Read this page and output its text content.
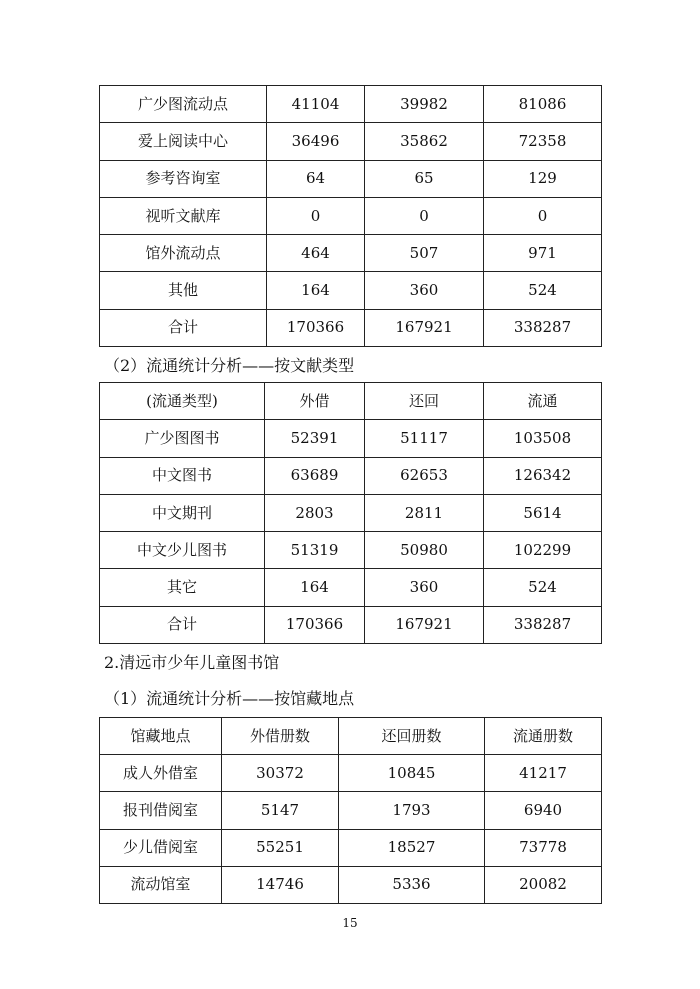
广少图流动点	41104	39982	81086
爱上阅读中心	36496	35862	72358
参考咨询室	64	65	129
视听文献库	0	0	0
馆外流动点	464	507	971
其他	164	360	524
合计	170366	167921	338287
（2）流通统计分析——按文献类型
(流通类型)	外借	还回	流通
广少图图书	52391	51117	103508
中文图书	63689	62653	126342
中文期刊	2803	2811	5614
中文少儿图书	51319	50980	102299
其它	164	360	524
合计	170366	167921	338287
2.清远市少年儿童图书馆
（1）流通统计分析——按馆藏地点
馆藏地点	外借册数	还回册数	流通册数
成人外借室	30372	10845	41217
报刊借阅室	5147	1793	6940
少儿借阅室	55251	18527	73778
流动馆室	14746	5336	20082
15
